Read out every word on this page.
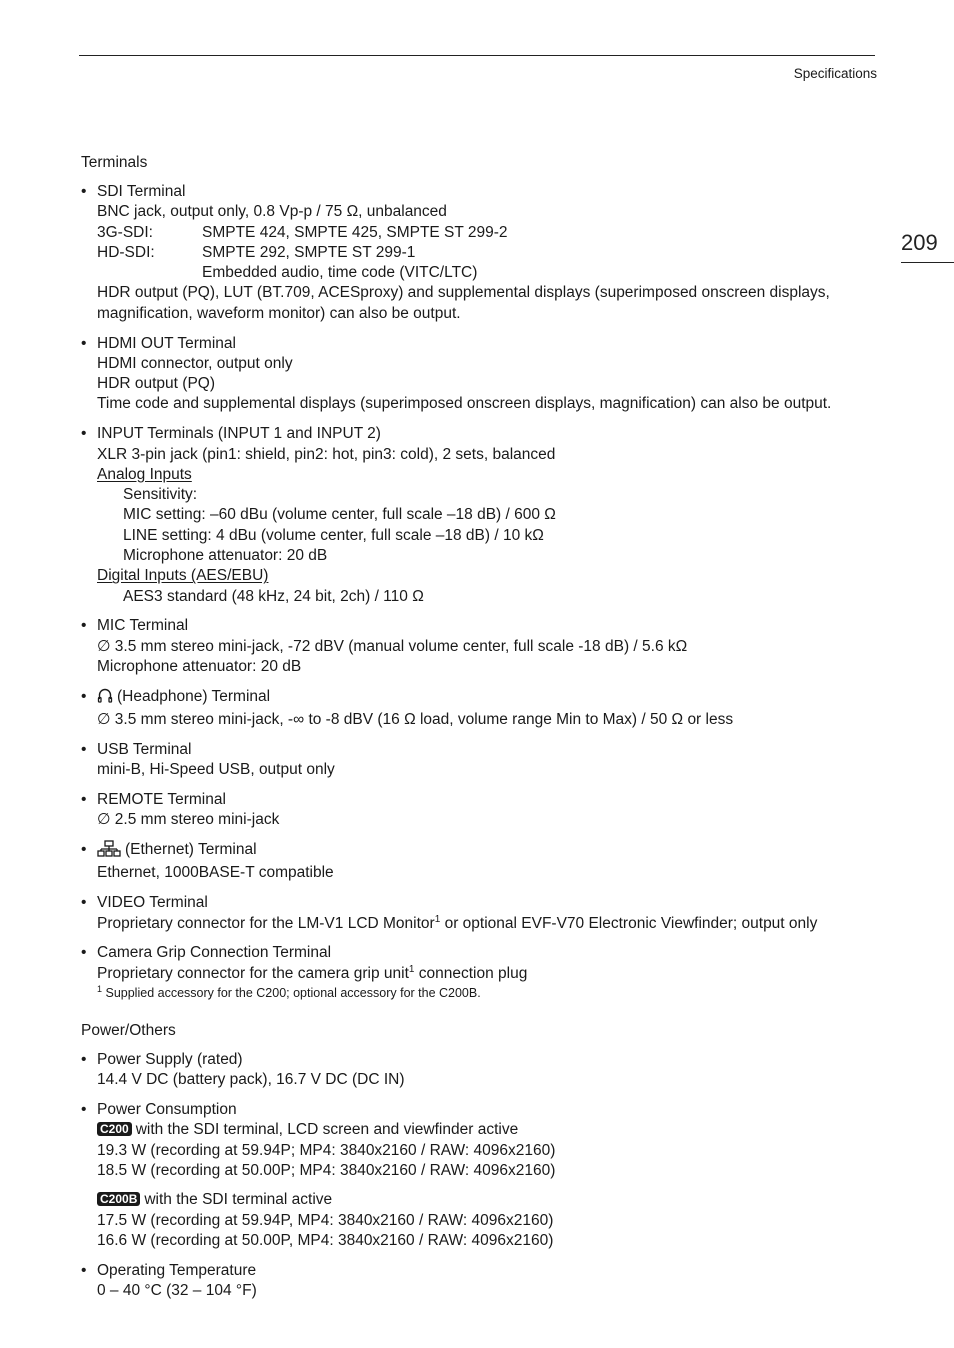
Specifications
209
Terminals
• SDI Terminal
BNC jack, output only, 0.8 Vp-p / 75 Ω, unbalanced
3G-SDI:	SMPTE 424, SMPTE 425, SMPTE ST 299-2
HD-SDI:	SMPTE 292, SMPTE ST 299-1
Embedded audio, time code (VITC/LTC)
HDR output (PQ), LUT (BT.709, ACESproxy) and supplemental displays (superimposed onscreen displays,
magnification, waveform monitor) can also be output.
• HDMI OUT Terminal
HDMI connector, output only
HDR output (PQ)
Time code and supplemental displays (superimposed onscreen displays, magnification) can also be output.
• INPUT Terminals (INPUT 1 and INPUT 2)
XLR 3-pin jack (pin1: shield, pin2: hot, pin3: cold), 2 sets, balanced
Analog Inputs
Sensitivity:
MIC setting: –60 dBu (volume center, full scale –18 dB) / 600 Ω
LINE setting: 4 dBu (volume center, full scale –18 dB) / 10 kΩ
Microphone attenuator: 20 dB
Digital Inputs (AES/EBU)
AES3 standard (48 kHz, 24 bit, 2ch) / 110 Ω
• MIC Terminal
∅ 3.5 mm stereo mini-jack, -72 dBV (manual volume center, full scale -18 dB) / 5.6 kΩ
Microphone attenuator: 20 dB
•	(Headphone) Terminal
∅ 3.5 mm stereo mini-jack, -∞ to -8 dBV (16 Ω load, volume range Min to Max) / 50 Ω or less
• USB Terminal
mini-B, Hi-Speed USB, output only
• REMOTE Terminal
∅ 2.5 mm stereo mini-jack
•	(Ethernet) Terminal
Ethernet, 1000BASE-T compatible
• VIDEO Terminal
Proprietary connector for the LM-V1 LCD Monitor$^1$ or optional EVF-V70 Electronic Viewfinder; output only
• Camera Grip Connection Terminal
Proprietary connector for the camera grip unit$^1$ connection plug
$^1$ Supplied accessory for the C200; optional accessory for the C200B.
Power/Others
• Power Supply (rated)
14.4 V DC (battery pack), 16.7 V DC (DC IN)
• Power Consumption
C200 with the SDI terminal, LCD screen and viewfinder active
19.3 W (recording at 59.94P; MP4: 3840x2160 / RAW: 4096x2160)
18.5 W (recording at 50.00P; MP4: 3840x2160 / RAW: 4096x2160)
C200B with the SDI terminal active
17.5 W (recording at 59.94P, MP4: 3840x2160 / RAW: 4096x2160)
16.6 W (recording at 50.00P, MP4: 3840x2160 / RAW: 4096x2160)
• Operating Temperature
0 – 40 °C (32 – 104 °F)
